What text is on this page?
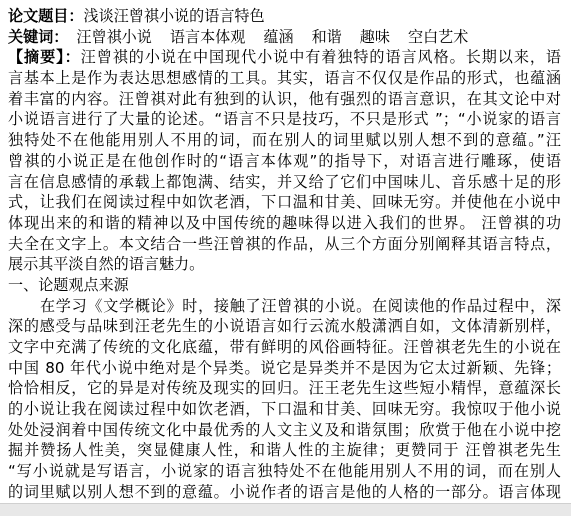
论文题目：浅谈汪曾祺小说的语言特色
关键词： 汪曾祺小说 语言本体观 蕴涵 和谐 趣味 空白艺术
【摘要】：汪曾祺的小说在中国现代小说中有着独特的语言风格。长期以来，语
言基本上是作为表达思想感情的工具。其实，语言不仅仅是作品的形式，也蕴涵
着丰富的内容。汪曾祺对此有独到的认识，他有强烈的语言意识，在其文论中对
小说语言进行了大量的论述。“语言不只是技巧，不只是形式 ”；“小说家的语言
独特处不在他能用别人不用的词，而在别人的词里赋以别人想不到的意蕴。”汪
曾祺的小说正是在他创作时的“语言本体观”的指导下，对语言进行雕琢，使语
言在信息感情的承载上都饱满、结实，并又给了它们中国味儿、音乐感十足的形
式，让我们在阅读过程中如饮老酒，下口温和甘美、回味无穷。并使他在小说中
体现出来的和谐的精神以及中国传统的趣味得以进入我们的世界。 汪曾祺的功
夫全在文字上。本文结合一些汪曾祺的作品，从三个方面分别阐释其语言特点，
展示其平淡自然的语言魅力。
一、论题观点来源
在学习《文学概论》时，接触了汪曾祺的小说。在阅读他的作品过程中，深
深的感受与品味到汪老先生的小说语言如行云流水般潇洒自如，文体清新别样，
文字中充满了传统的文化底蕴，带有鲜明的风俗画特征。汪曾祺老先生的小说在
中国 80 年代小说中绝对是个异类。说它是异类并不是因为它太过新颖、先锋；
恰恰相反，它的异是对传统及现实的回归。汪王老先生这些短小精悍，意蕴深长
的小说让我在阅读过程中如饮老酒，下口温和甘美、回味无穷。我惊叹于他小说
处处浸润着中国传统文化中最优秀的人文主义及和谐氛围；欣赏于他在小说中挖
掘并赞扬人性美，突显健康人性，和谐人性的主旋律；更赞同于 汪曾祺老先生
“写小说就是写语言，小说家的语言独特处不在他能用别人不用的词，而在别人
的词里赋以别人想不到的意蕴。小说作者的语言是他的人格的一部分。语言体现
